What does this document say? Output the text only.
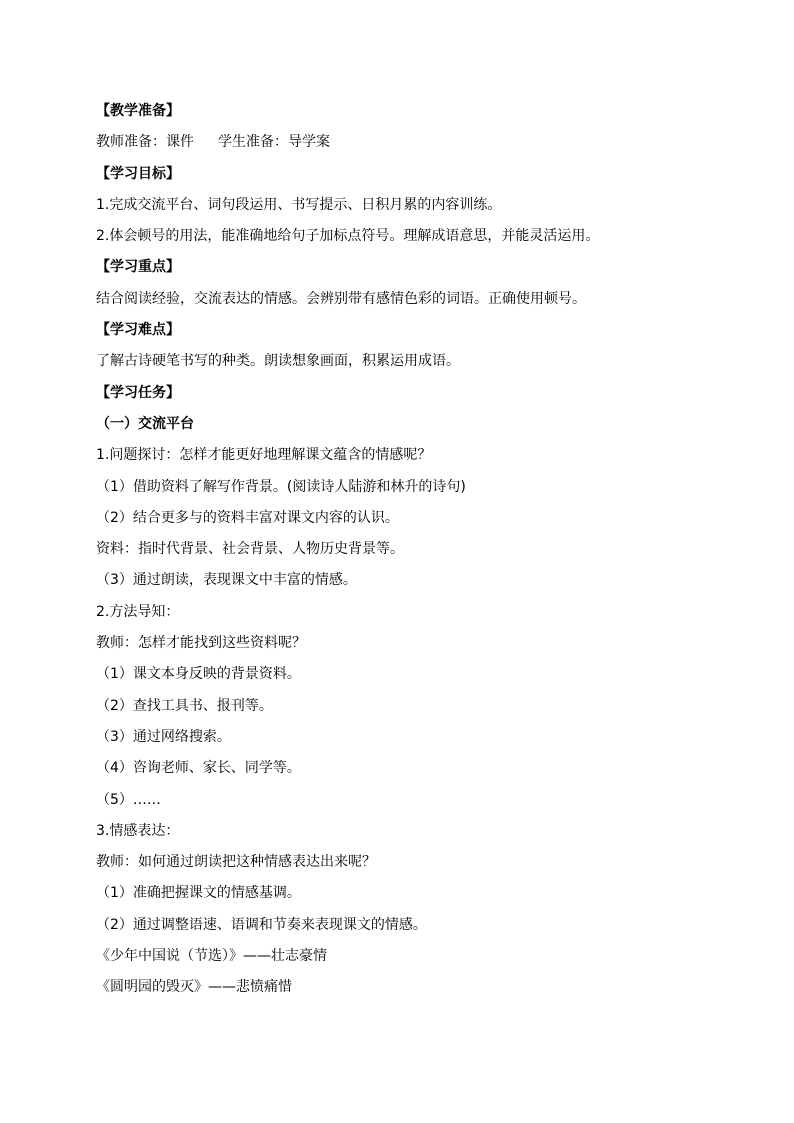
【教学准备】
教师准备：课件 学生准备：导学案
【学习目标】
1.完成交流平台、词句段运用、书写提示、日积月累的内容训练。
2.体会顿号的用法，能准确地给句子加标点符号。理解成语意思，并能灵活运用。
【学习重点】
结合阅读经验，交流表达的情感。会辨别带有感情色彩的词语。正确使用顿号。
【学习难点】
了解古诗硬笔书写的种类。朗读想象画面，积累运用成语。
【学习任务】
（一）交流平台
1.问题探讨：怎样才能更好地理解课文蕴含的情感呢？
（1）借助资料了解写作背景。(阅读诗人陆游和林升的诗句)
（2）结合更多与的资料丰富对课文内容的认识。
资料：指时代背景、社会背景、人物历史背景等。
（3）通过朗读，表现课文中丰富的情感。
2.方法导知：
教师：怎样才能找到这些资料呢？
（1）课文本身反映的背景资料。
（2）查找工具书、报刊等。
（3）通过网络搜索。
（4）咨询老师、家长、同学等。
（5）……
3.情感表达：
教师：如何通过朗读把这种情感表达出来呢？
（1）准确把握课文的情感基调。
（2）通过调整语速、语调和节奏来表现课文的情感。
《少年中国说（节选）》——壮志豪情
《圆明园的毁灭》——悲愤痛惜
